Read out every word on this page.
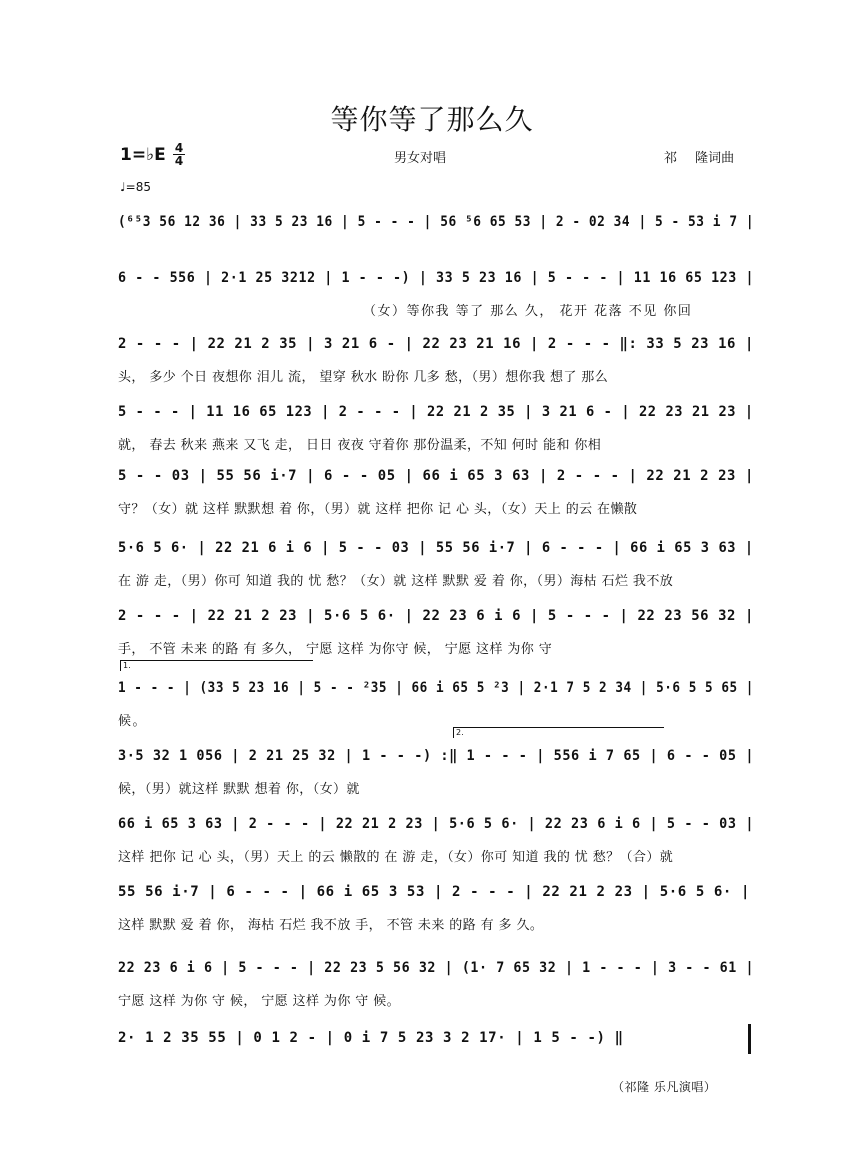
等你等了那么久
1=♭E 4
4	男女对唱	祁 隆词曲
♩=85
(⁶⁵3 56 12 36 | 33 5 23 16 | 5 - - - | 56 ⁵6 65 53 | 2 - 02 34 | 5 - 53 i 7 |
6 - - 556 | 2·1 25 3212 | 1 - - -) | 33 5 23 16 | 5 - - - | 11 16 65 123 |
（女）等你我 等了 那么 久， 花开 花落 不见 你回
2 - - - | 22 21 2 35 | 3 21 6 - | 22 23 21 16 | 2 - - - ‖: 33 5 23 16 |
头， 多少 个日 夜想你 泪儿 流， 望穿 秋水 盼你 几多 愁，（男）想你我 想了 那么
5 - - - | 11 16 65 123 | 2 - - - | 22 21 2 35 | 3 21 6 - | 22 23 21 23 |
就， 春去 秋来 燕来 又飞 走， 日日 夜夜 守着你 那份温柔，不知 何时 能和 你相
5 - - 03 | 55 56 i·7 | 6 - - 05 | 66 i 65 3 63 | 2 - - - | 22 21 2 23 |
守？（女）就 这样 默默想 着 你，（男）就 这样 把你 记 心 头，（女）天上 的云 在懒散
5·6 5 6· | 22 21 6 i 6 | 5 - - 03 | 55 56 i·7 | 6 - - - | 66 i 65 3 63 |
在 游 走，（男）你可 知道 我的 忧 愁？（女）就 这样 默默 爱 着 你，（男）海枯 石烂 我不放
2 - - - | 22 21 2 23 | 5·6 5 6· | 22 23 6 i 6 | 5 - - - | 22 23 56 32 |
手， 不管 未来 的路 有 多久， 宁愿 这样 为你守 候， 宁愿 这样 为你 守
1.
1 - - - | (33 5 23 16 | 5 - - ²35 | 66 i 65 5 ²3 | 2·1 7 5 2 34 | 5·6 5 5 65 |
候。
2.
3·5 32 1 056 | 2 21 25 32 | 1 - - -) :‖ 1 - - - | 556 i 7 65 | 6 - - 05 |
候，（男）就这样 默默 想着 你，（女）就
66 i 65 3 63 | 2 - - - | 22 21 2 23 | 5·6 5 6· | 22 23 6 i 6 | 5 - - 03 |
这样 把你 记 心 头，（男）天上 的云 懒散的 在 游 走，（女）你可 知道 我的 忧 愁？（合）就
55 56 i·7 | 6 - - - | 66 i 65 3 53 | 2 - - - | 22 21 2 23 | 5·6 5 6· |
这样 默默 爱 着 你， 海枯 石烂 我不放 手， 不管 未来 的路 有 多 久。
22 23 6 i 6 | 5 - - - | 22 23 5 56 32 | (1· 7 65 32 | 1 - - - | 3 - - 61 |
宁愿 这样 为你 守 候， 宁愿 这样 为你 守 候。
2· 1 2 35 55 | 0 1 2 - | 0 i 7 5 23 3 2 17· | 1 5 - -) ‖
（祁隆 乐凡演唱）
